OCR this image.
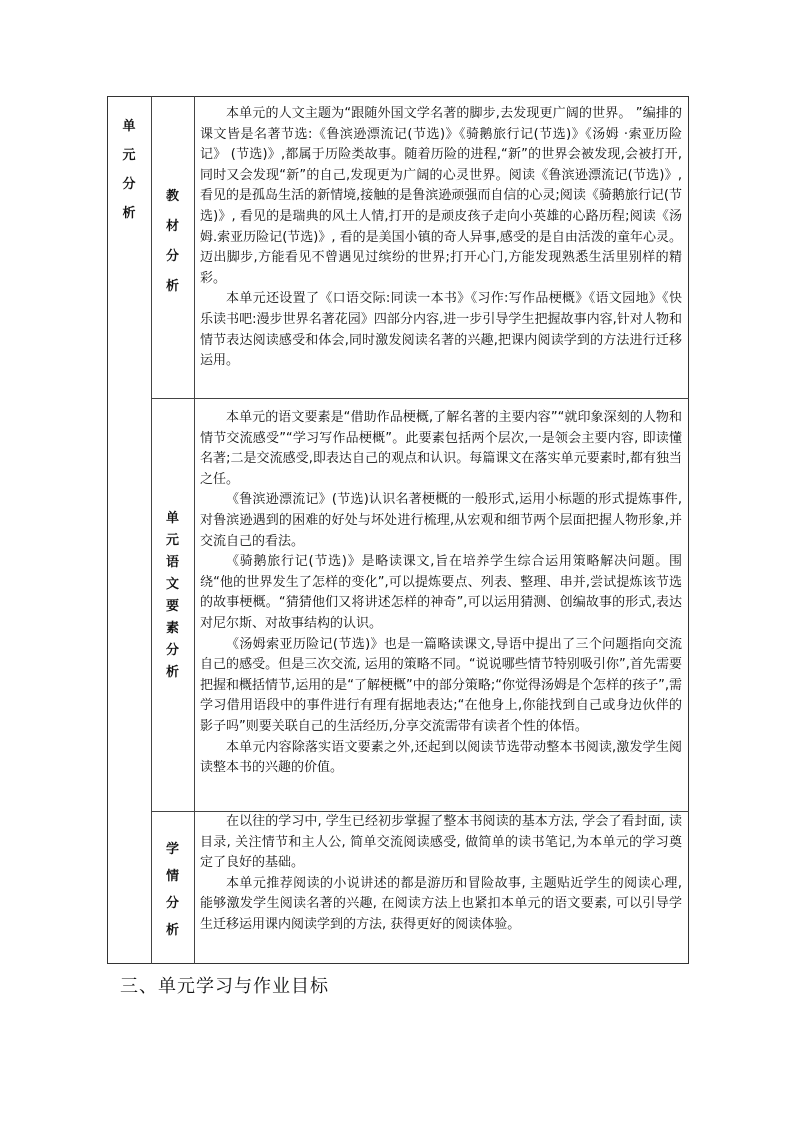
单
元
分
析
教
材
分
析
单
元
语
文
要
素
分
析
学
情
分
析

本单元的人文主题为“跟随外国文学名著的脚步,去发现更广阔的世界。 ”编排的课文皆是名著节选:《鲁滨逊漂流记(节选)》《骑鹅旅行记(节选)》《汤姆 ·索亚历险记》 (节选)》,都属于历险类故事。随着历险的进程,“新”的世界会被发现,会被打开,同时又会发现“新”的自己,发现更为广阔的心灵世界。阅读《鲁滨逊漂流记(节选)》, 看见的是孤岛生活的新情境,接触的是鲁滨逊顽强而自信的心灵;阅读《骑鹅旅行记(节选)》, 看见的是瑞典的风土人情,打开的是顽皮孩子走向小英雄的心路历程;阅读《汤姆.索亚历险记(节选)》, 看的是美国小镇的奇人异事,感受的是自由活泼的童年心灵。迈出脚步,方能看见不曾遇见过缤纷的世界;打开心门,方能发现熟悉生活里别样的精彩。

本单元还设置了《口语交际:同读一本书》《习作:写作品梗概》《语文园地》《快乐读书吧:漫步世界名著花园》四部分内容,进一步引导学生把握故事内容,针对人物和情节表达阅读感受和体会,同时激发阅读名著的兴趣,把课内阅读学到的方法进行迁移运用。

本单元的语文要素是“借助作品梗概,了解名著的主要内容”“就印象深刻的人物和情节交流感受”“学习写作品梗概”。此要素包括两个层次,一是领会主要内容, 即读懂名著;二是交流感受,即表达自己的观点和认识。每篇课文在落实单元要素时,都有独当之任。

《鲁滨逊漂流记》(节选)认识名著梗概的一般形式,运用小标题的形式提炼事件,对鲁滨逊遇到的困难的好处与坏处进行梳理,从宏观和细节两个层面把握人物形象,并交流自己的看法。

《骑鹅旅行记(节选)》是略读课文,旨在培养学生综合运用策略解决问题。围绕“他的世界发生了怎样的变化”,可以提炼要点、列表、整理、串并,尝试提炼该节选的故事梗概。“猜猜他们又将讲述怎样的神奇”,可以运用猜测、创编故事的形式,表达对尼尔斯、对故事结构的认识。

《汤姆索亚历险记(节选)》也是一篇略读课文,导语中提出了三个问题指向交流自己的感受。但是三次交流, 运用的策略不同。“说说哪些情节特别吸引你”,首先需要把握和概括情节,运用的是“了解梗概”中的部分策略;“你觉得汤姆是个怎样的孩子”,需学习借用语段中的事件进行有理有据地表达;“在他身上,你能找到自己或身边伙伴的影子吗”则要关联自己的生活经历,分享交流需带有读者个性的体悟。

本单元内容除落实语文要素之外,还起到以阅读节选带动整本书阅读,激发学生阅读整本书的兴趣的价值。

在以往的学习中, 学生已经初步掌握了整本书阅读的基本方法, 学会了看封面, 读目录, 关注情节和主人公, 简单交流阅读感受, 做简单的读书笔记,为本单元的学习奠定了良好的基础。

本单元推荐阅读的小说讲述的都是游历和冒险故事, 主题贴近学生的阅读心理, 能够激发学生阅读名著的兴趣, 在阅读方法上也紧扣本单元的语文要素, 可以引导学生迁移运用课内阅读学到的方法, 获得更好的阅读体验。

三、单元学习与作业目标
